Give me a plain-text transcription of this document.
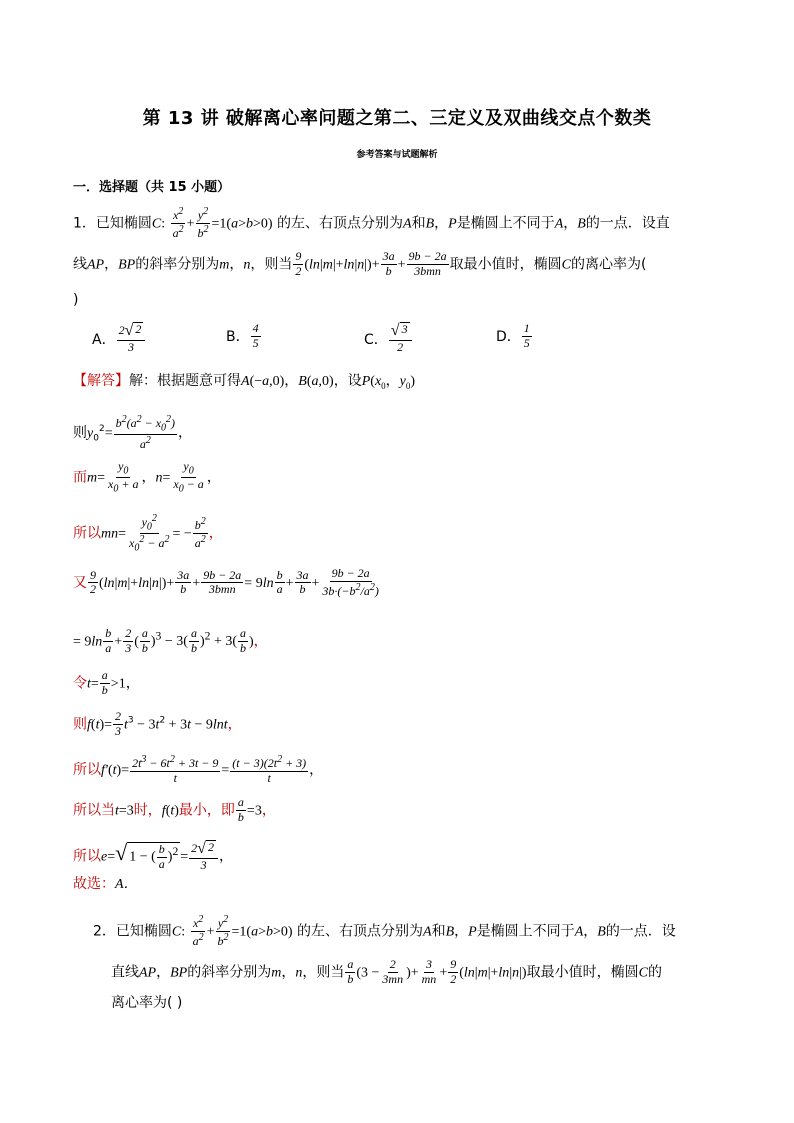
第 13 讲 破解离心率问题之第二、三定义及双曲线交点个数类
参考答案与试题解析
一．选择题（共 15 小题）
1．已知椭圆C: $\frac{x^2}{a^2} + \frac{y^2}{b^2} =1(a>b>0)$ 的左、右顶点分别为A和B，P是椭圆上不同于A，B的一点．设直
线AP，BP的斜率分别为m，n，则当 $\frac{9}{2} (\ln|m|+\ln|n|)+ \frac{3a}{b} + \frac{9b - 2a}{\text{3bmn}}$ 取最小值时，椭圆C的离心率为(
)
A． $\frac{2 √ 2}{3}$	B． $\frac{4}{5}$	C． $\frac{√ 3}{2}$	D． $\frac{1}{5}$
【解答】解：根据题意可得A(−a,0)，B(a,0)，设$P(x_0$，$y_0$)
则$y_0^2= \frac{b^2(a^2 - x_0^2)}{a^2}$ ，
而$m= \frac{y_0}{x_0 + a}$ ，$n= \frac{y_0}{x_0 - a}$ ，
所以$mn= \frac{y_0^2}{x_0^2 - a^2}$ = − $\frac{b^2}{a^2}$ ，
又 $\frac{9}{2} (\ln|m|+\ln|n|)+ \frac{3a}{b} + \frac{9b - 2a}{\text{3bmn}} = 9\ln \frac{b}{a} + \frac{3a}{b} + \frac{9b - 2a}{3b\cdot(-b^2/a^2)}$
= $9\ln \frac{b}{a} + \frac{2}{3}$ ( $\frac{a}{b} )^3 - 3( \frac{a}{b} )^2 + 3( \frac{a}{b}$ )，
令$t= \frac{a}{b} >1$，
则$f(t)= \frac{2}{3} t^3 - 3t^2 + 3t - 9\ln t$，
所以$f'(t)= \frac{2t^3 - 6t^2 + 3t - 9}{t} = \frac{(t - 3)(2t^2 + 3)}{t}$ ，
所以当t=3时，f(t)最小，即 $\frac{a}{b} =3$，
所以e= √ 1 − ( $\frac{b}{a} )^2 = \frac{2 √ 2}{3}$ ，
故选：A．
2．已知椭圆C: $\frac{x^2}{a^2} + \frac{y^2}{b^2} =1(a>b>0)$ 的左、右顶点分别为A和B，P是椭圆上不同于A，B的一点．设
直线AP，BP的斜率分别为m，n，则当 $\frac{a}{b} (3 - \frac{2}{3mn}$ )+ $\frac{3}{mn} + \frac{9}{2} (\ln|m|+\ln|n|)$取最小值时，椭圆C的
离心率为( )
